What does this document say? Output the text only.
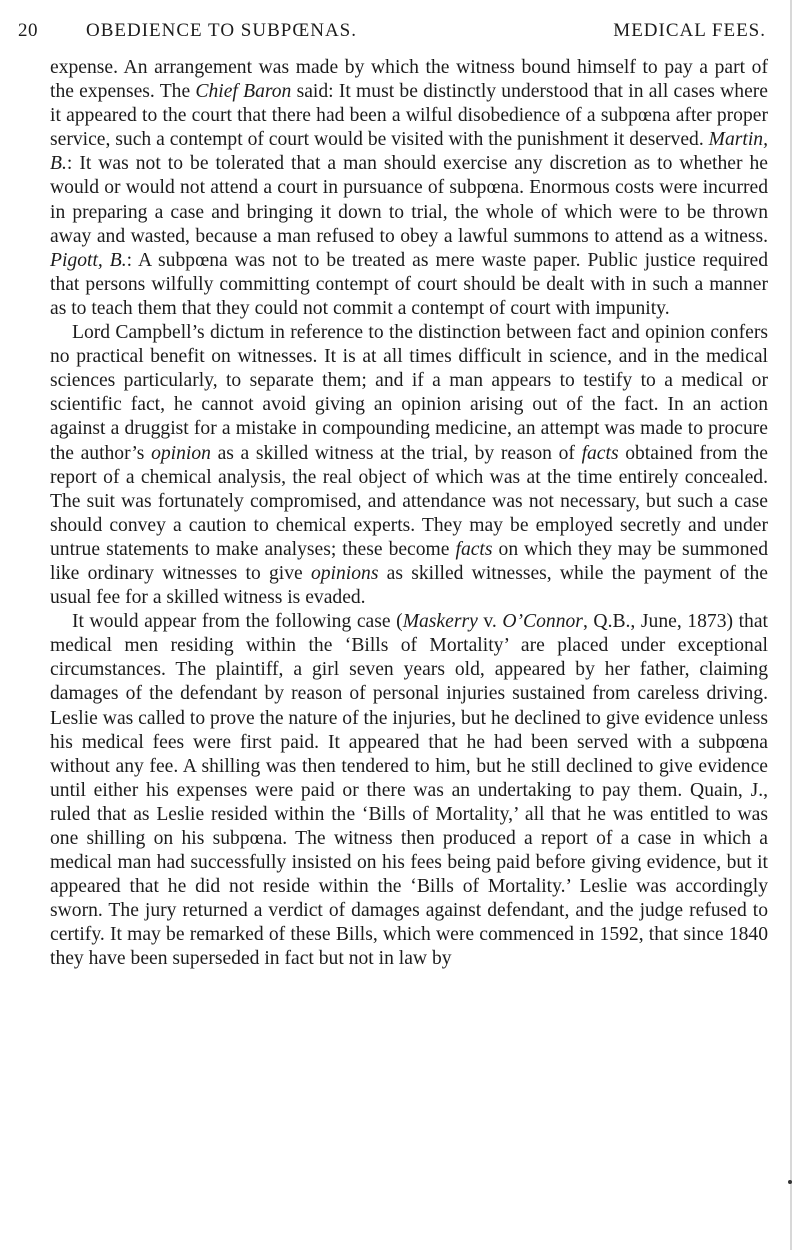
20	OBEDIENCE TO SUBPŒNAS.	MEDICAL FEES.

expense. An arrangement was made by which the witness bound himself to pay a part of the expenses. The Chief Baron said: It must be distinctly understood that in all cases where it appeared to the court that there had been a wilful disobedience of a subpœna after proper service, such a contempt of court would be visited with the punishment it deserved. Martin, B.: It was not to be tolerated that a man should exercise any discretion as to whether he would or would not attend a court in pursuance of subpœna. Enormous costs were incurred in preparing a case and bringing it down to trial, the whole of which were to be thrown away and wasted, because a man refused to obey a lawful summons to attend as a witness. Pigott, B.: A subpœna was not to be treated as mere waste paper. Public justice required that persons wilfully committing contempt of court should be dealt with in such a manner as to teach them that they could not commit a contempt of court with impunity.

Lord Campbell’s dictum in reference to the distinction between fact and opinion confers no practical benefit on witnesses. It is at all times difficult in science, and in the medical sciences particularly, to separate them; and if a man appears to testify to a medical or scientific fact, he cannot avoid giving an opinion arising out of the fact. In an action against a druggist for a mistake in compounding medicine, an attempt was made to procure the author’s opinion as a skilled witness at the trial, by reason of facts obtained from the report of a chemical analysis, the real object of which was at the time entirely concealed. The suit was fortunately compromised, and attendance was not necessary, but such a case should convey a caution to chemical experts. They may be employed secretly and under untrue statements to make analyses; these become facts on which they may be summoned like ordinary witnesses to give opinions as skilled witnesses, while the payment of the usual fee for a skilled witness is evaded.

It would appear from the following case (Maskerry v. O’Connor, Q.B., June, 1873) that medical men residing within the ‘Bills of Mortality’ are placed under exceptional circumstances. The plaintiff, a girl seven years old, appeared by her father, claiming damages of the defendant by reason of personal injuries sustained from careless driving. Leslie was called to prove the nature of the injuries, but he declined to give evidence unless his medical fees were first paid. It appeared that he had been served with a subpœna without any fee. A shilling was then tendered to him, but he still declined to give evidence until either his expenses were paid or there was an undertaking to pay them. Quain, J., ruled that as Leslie resided within the ‘Bills of Mortality,’ all that he was entitled to was one shilling on his subpœna. The witness then produced a report of a case in which a medical man had successfully insisted on his fees being paid before giving evidence, but it appeared that he did not reside within the ‘Bills of Mortality.’ Leslie was accordingly sworn. The jury returned a verdict of damages against defendant, and the judge refused to certify. It may be remarked of these Bills, which were commenced in 1592, that since 1840 they have been superseded in fact but not in law by
